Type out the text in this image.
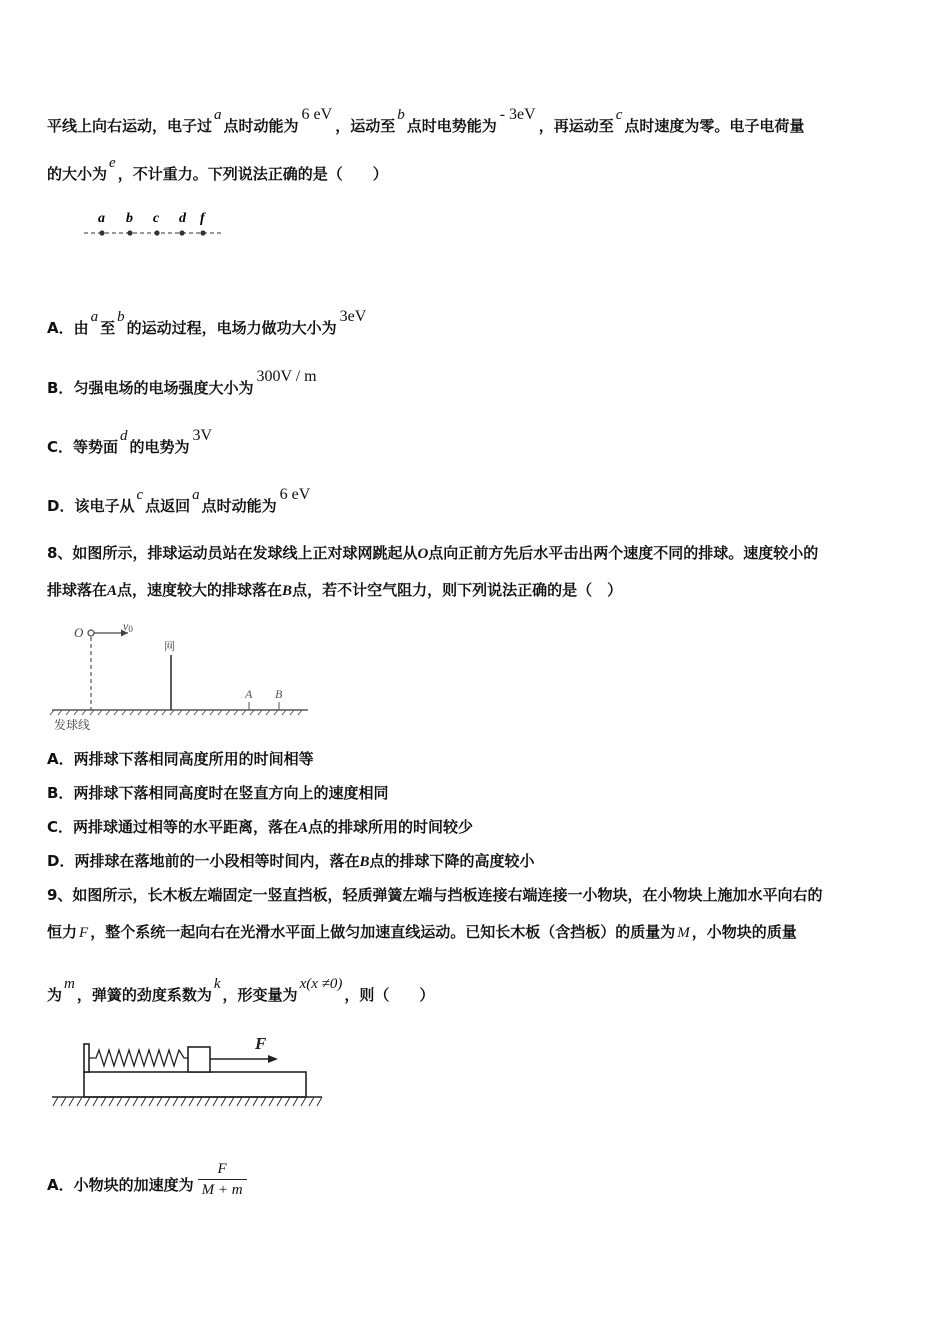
平线上向右运动，电子过a点时动能为6 eV，运动至b点时电势能为- 3eV，再运动至c点时速度为零。电子电荷量
的大小为e，不计重力。下列说法正确的是（　　）
a b c d f
A．由a至b的运动过程，电场力做功大小为3eV
B．匀强电场的电场强度大小为300V / m
C．等势面d的电势为3V
D．该电子从c点返回a点时动能为6 eV
8、如图所示，排球运动员站在发球线上正对球网跳起从O点向正前方先后水平击出两个速度不同的排球。速度较小的
排球落在A点，速度较大的排球落在B点，若不计空气阻力，则下列说法正确的是（　）
O	v0
网
A B
发球线
A．两排球下落相同高度所用的时间相等
B．两排球下落相同高度时在竖直方向上的速度相同
C．两排球通过相等的水平距离，落在A点的排球所用的时间较少
D．两排球在落地前的一小段相等时间内，落在B点的排球下降的高度较小
9、如图所示，长木板左端固定一竖直挡板，轻质弹簧左端与挡板连接右端连接一小物块，在小物块上施加水平向右的
恒力 F ，整个系统一起向右在光滑水平面上做匀加速直线运动。已知长木板（含挡板）的质量为 M ，小物块的质量
为m，弹簧的劲度系数为k，形变量为x(x ≠0)，则（　　）
F
A．小物块的加速度为 $\frac{F}{M + m}$
